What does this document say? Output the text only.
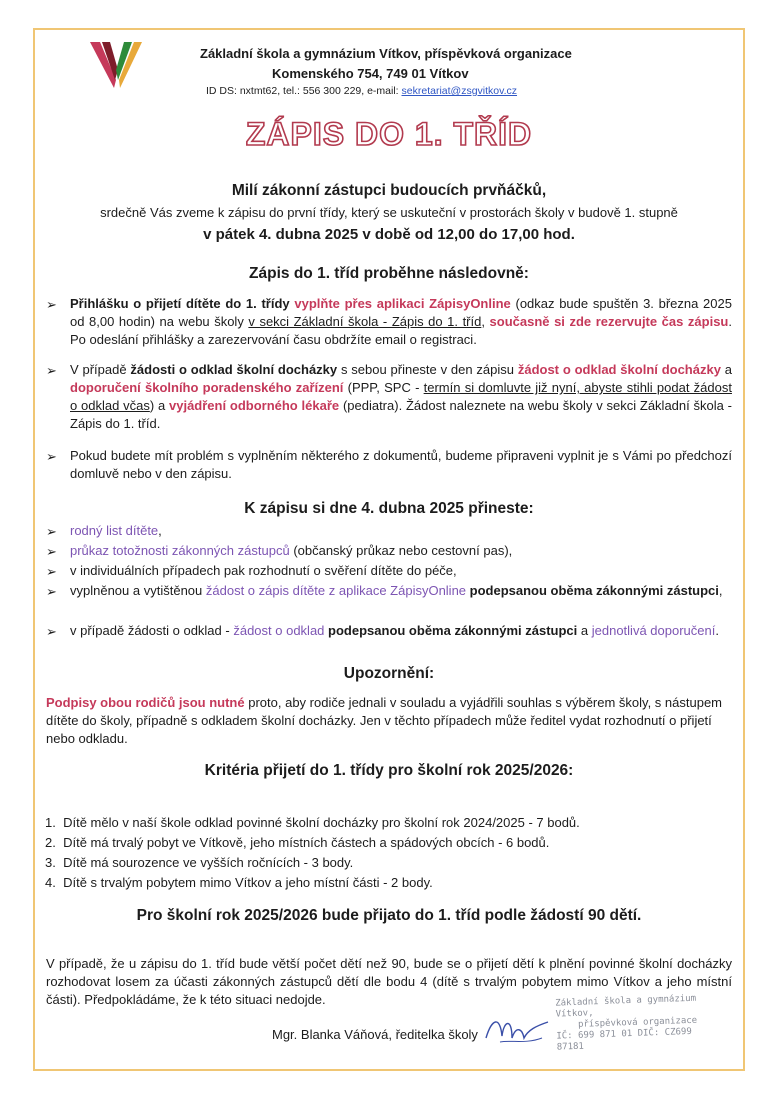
Základní škola a gymnázium Vítkov, příspěvková organizace
Komenského 754, 749 01 Vítkov
ID DS: nxtmt62, tel.: 556 300 229, e-mail: sekretariat@zsgvitkov.cz
ZÁPIS DO 1. TŘÍD
Milí zákonní zástupci budoucích prvňáčků,
srdečně Vás zveme k zápisu do první třídy, který se uskuteční v prostorách školy v budově 1. stupně
v pátek 4. dubna 2025 v době od 12,00 do 17,00 hod.
Zápis do 1. tříd proběhne následovně:
➢ Přihlášku o přijetí dítěte do 1. třídy vyplňte přes aplikaci ZápisyOnline (odkaz bude spuštěn 3. března 2025 od 8,00 hodin) na webu školy v sekci Základní škola - Zápis do 1. tříd, současně si zde rezervujte čas zápisu. Po odeslání přihlášky a zarezervování času obdržíte email o registraci.
➢ V případě žádosti o odklad školní docházky s sebou přineste v den zápisu žádost o odklad školní docházky a doporučení školního poradenského zařízení (PPP, SPC - termín si domluvte již nyní, abyste stihli podat žádost o odklad včas) a vyjádření odborného lékaře (pediatra). Žádost naleznete na webu školy v sekci Základní škola - Zápis do 1. tříd.
➢ Pokud budete mít problém s vyplněním některého z dokumentů, budeme připraveni vyplnit je s Vámi po předchozí domluvě nebo v den zápisu.
K zápisu si dne 4. dubna 2025 přineste:
➢ rodný list dítěte,
➢ průkaz totožnosti zákonných zástupců (občanský průkaz nebo cestovní pas),
➢ v individuálních případech pak rozhodnutí o svěření dítěte do péče,
➢ vyplněnou a vytištěnou žádost o zápis dítěte z aplikace ZápisyOnline podepsanou oběma zákonnými zástupci,
➢ v případě žádosti o odklad - žádost o odklad podepsanou oběma zákonnými zástupci a jednotlivá doporučení.
Upozornění:
Podpisy obou rodičů jsou nutné proto, aby rodiče jednali v souladu a vyjádřili souhlas s výběrem školy, s nástupem dítěte do školy, případně s odkladem školní docházky. Jen v těchto případech může ředitel vydat rozhodnutí o přijetí nebo odkladu.
Kritéria přijetí do 1. třídy pro školní rok 2025/2026:
1. Dítě mělo v naší škole odklad povinné školní docházky pro školní rok 2024/2025 - 7 bodů.
2. Dítě má trvalý pobyt ve Vítkově, jeho místních částech a spádových obcích - 6 bodů.
3. Dítě má sourozence ve vyšších ročnících - 3 body.
4. Dítě s trvalým pobytem mimo Vítkov a jeho místní části - 2 body.
Pro školní rok 2025/2026 bude přijato do 1. tříd podle žádostí 90 dětí.
V případě, že u zápisu do 1. tříd bude větší počet dětí než 90, bude se o přijetí dětí k plnění povinné školní docházky rozhodovat losem za účasti zákonných zástupců dětí dle bodu 4 (dítě s trvalým pobytem mimo Vítkov a jeho místní části). Předpokládáme, že k této situaci nedojde.
Mgr. Blanka Váňová, ředitelka školy
Základní škola a gymnázium Vítkov,
příspěvková organizace
IČ: 699 871 01 DIČ: CZ699 87181
